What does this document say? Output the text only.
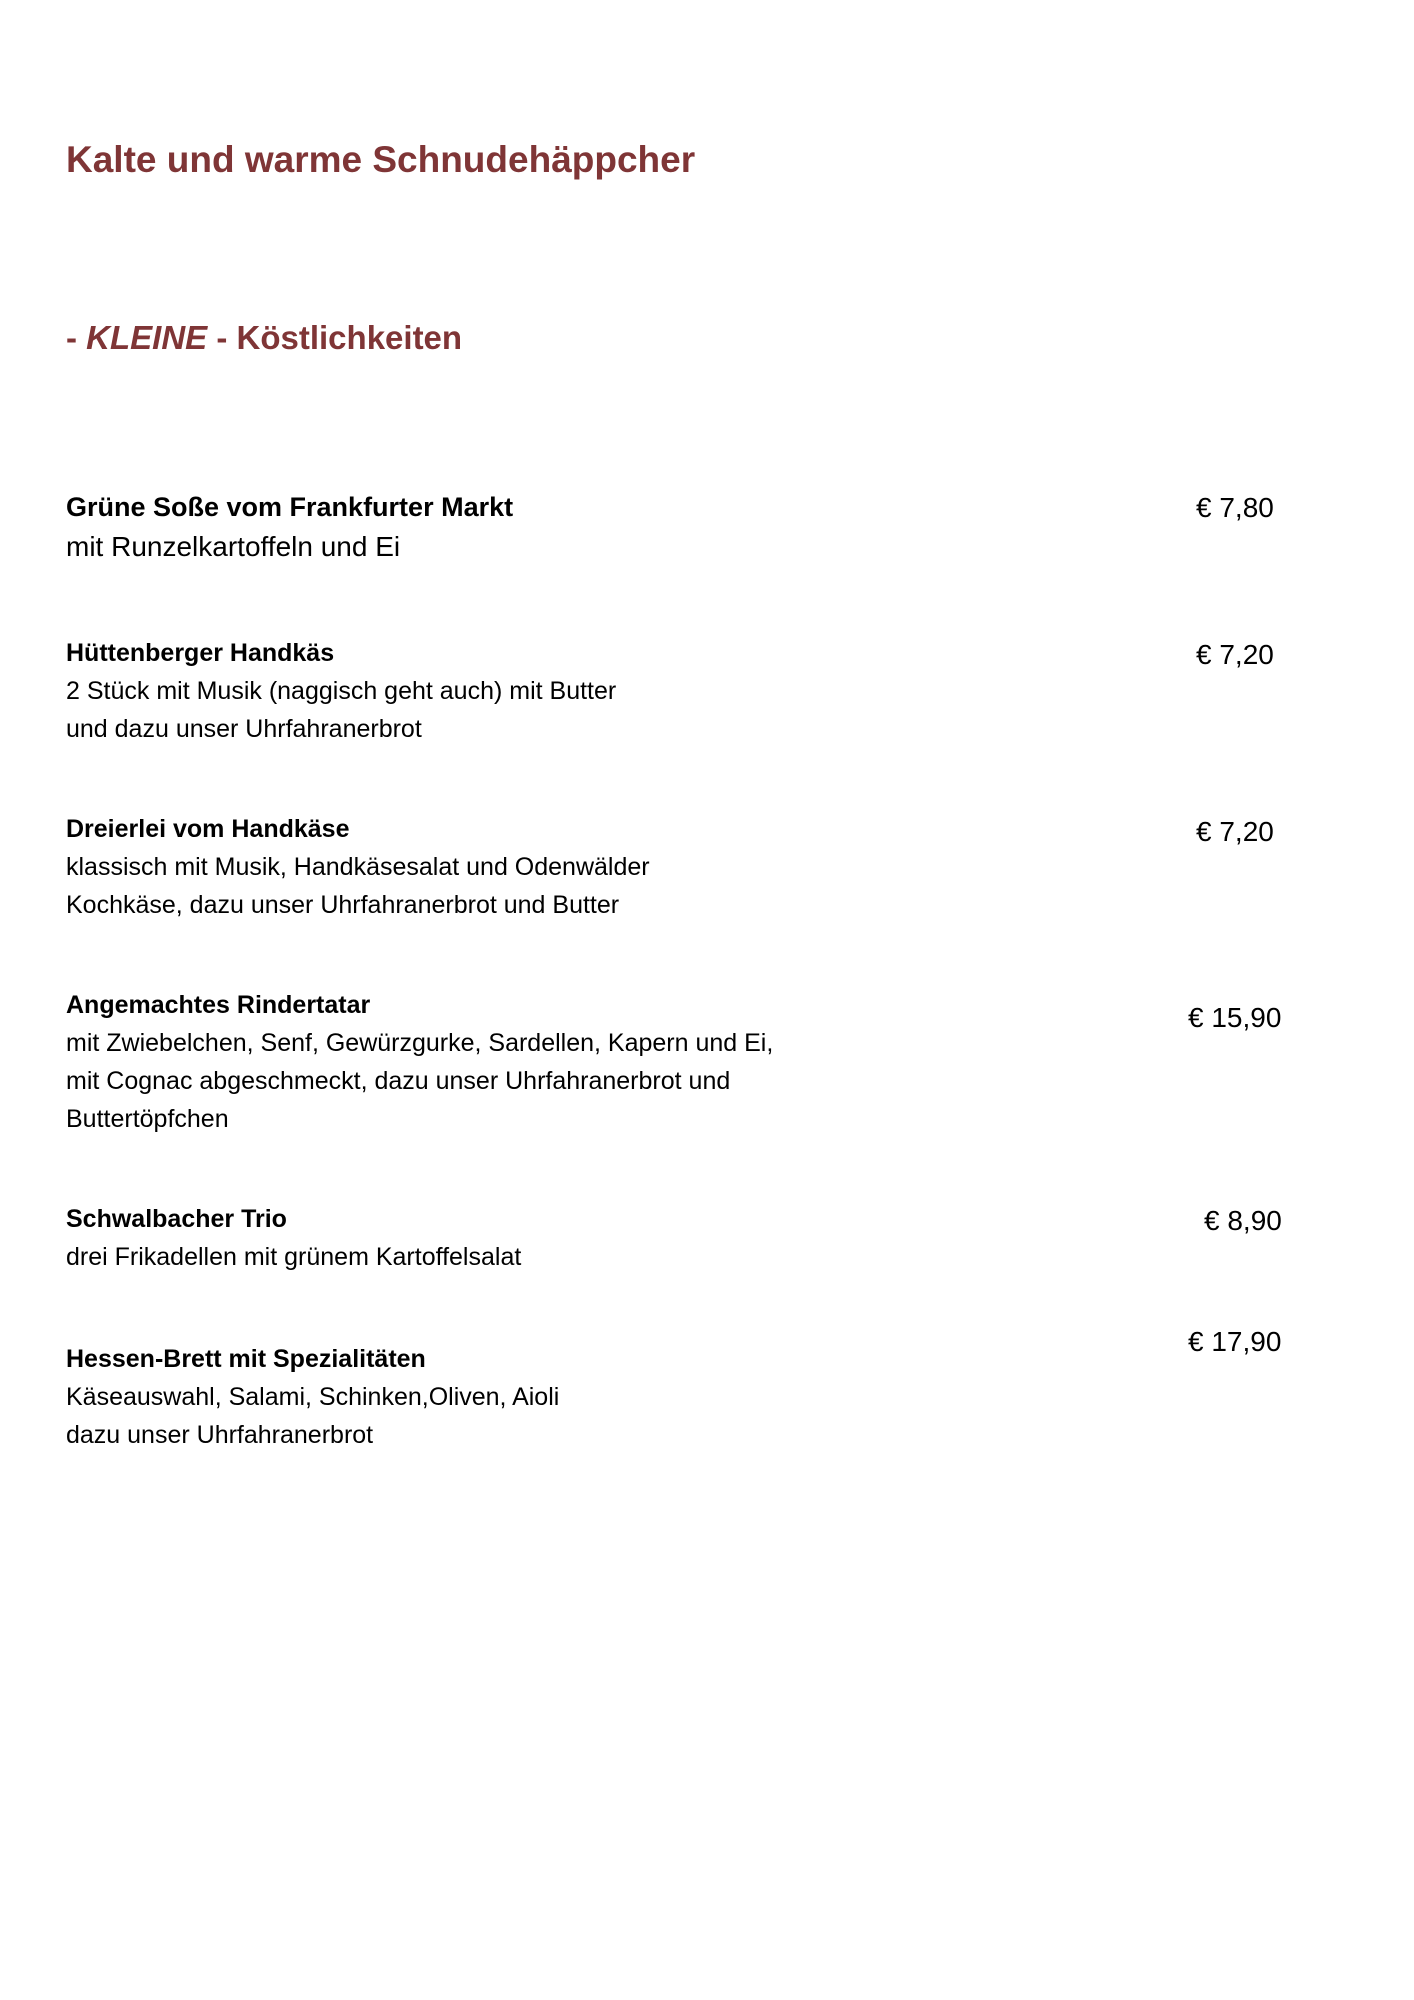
Kalte und warme Schnudehäppcher
- KLEINE - Köstlichkeiten

Grüne Soße vom Frankfurter Markt

mit Runzelkartoffeln und Ei

€ 7,80

Hüttenberger Handkäs

2 Stück mit Musik (naggisch geht auch) mit Butter

und dazu unser Uhrfahranerbrot

€ 7,20

Dreierlei vom Handkäse

klassisch mit Musik, Handkäsesalat und Odenwälder

Kochkäse, dazu unser Uhrfahranerbrot und Butter

€ 7,20

Angemachtes Rindertatar

mit Zwiebelchen, Senf, Gewürzgurke, Sardellen, Kapern und Ei,

mit Cognac abgeschmeckt, dazu unser Uhrfahranerbrot und

Buttertöpfchen

€ 15,90

Schwalbacher Trio

drei Frikadellen mit grünem Kartoffelsalat

€ 8,90

Hessen-Brett mit Spezialitäten

Käseauswahl, Salami, Schinken,Oliven, Aioli

dazu unser Uhrfahranerbrot

€ 17,90
